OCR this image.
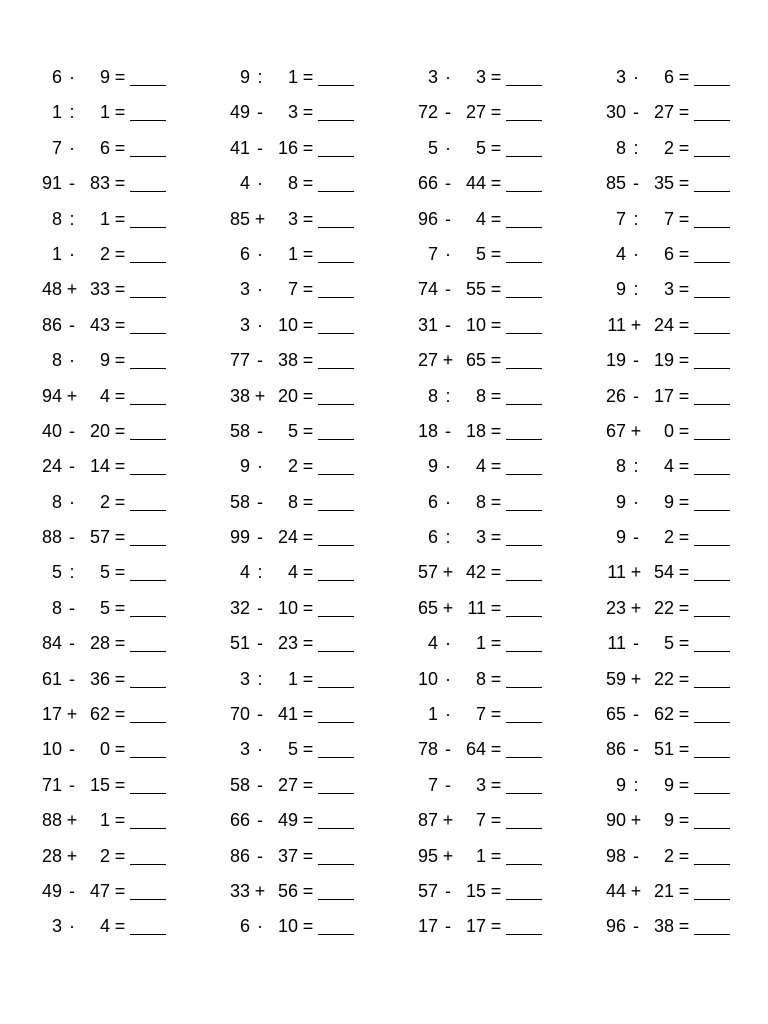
6 ·	9 =
1 :	1 =
7 ·	6 =
91 - 83 =
8 :	1 =
1 ·	2 =
48 + 33 =
86 - 43 =
8 ·	9 =
94 +	4 =
40 - 20 =
24 - 14 =
8 ·	2 =
88 - 57 =
5 :	5 =
8 -	5 =
84 - 28 =
61 - 36 =
17 + 62 =
10 -	0 =
71 - 15 =
88 +	1 =
28 +	2 =
49 - 47 =
3 ·	4 =
9 :	1 =
49 -	3 =
41 - 16 =
4 ·	8 =
85 +	3 =
6 ·	1 =
3 ·	7 =
3 · 10 =
77 - 38 =
38 + 20 =
58 -	5 =
9 ·	2 =
58 -	8 =
99 - 24 =
4 :	4 =
32 - 10 =
51 - 23 =
3 :	1 =
70 - 41 =
3 ·	5 =
58 - 27 =
66 - 49 =
86 - 37 =
33 + 56 =
6 · 10 =
3 ·	3 =
72 - 27 =
5 ·	5 =
66 - 44 =
96 -	4 =
7 ·	5 =
74 - 55 =
31 - 10 =
27 + 65 =
8 :	8 =
18 - 18 =
9 ·	4 =
6 ·	8 =
6 :	3 =
57 + 42 =
65 + 11 =
4 ·	1 =
10 ·	8 =
1 ·	7 =
78 - 64 =
7 -	3 =
87 +	7 =
95 +	1 =
57 - 15 =
17 - 17 =
3 ·	6 =
30 - 27 =
8 :	2 =
85 - 35 =
7 :	7 =
4 ·	6 =
9 :	3 =
11 + 24 =
19 - 19 =
26 - 17 =
67 +	0 =
8 :	4 =
9 ·	9 =
9 -	2 =
11 + 54 =
23 + 22 =
11 -	5 =
59 + 22 =
65 - 62 =
86 - 51 =
9 :	9 =
90 +	9 =
98 -	2 =
44 + 21 =
96 - 38 =
